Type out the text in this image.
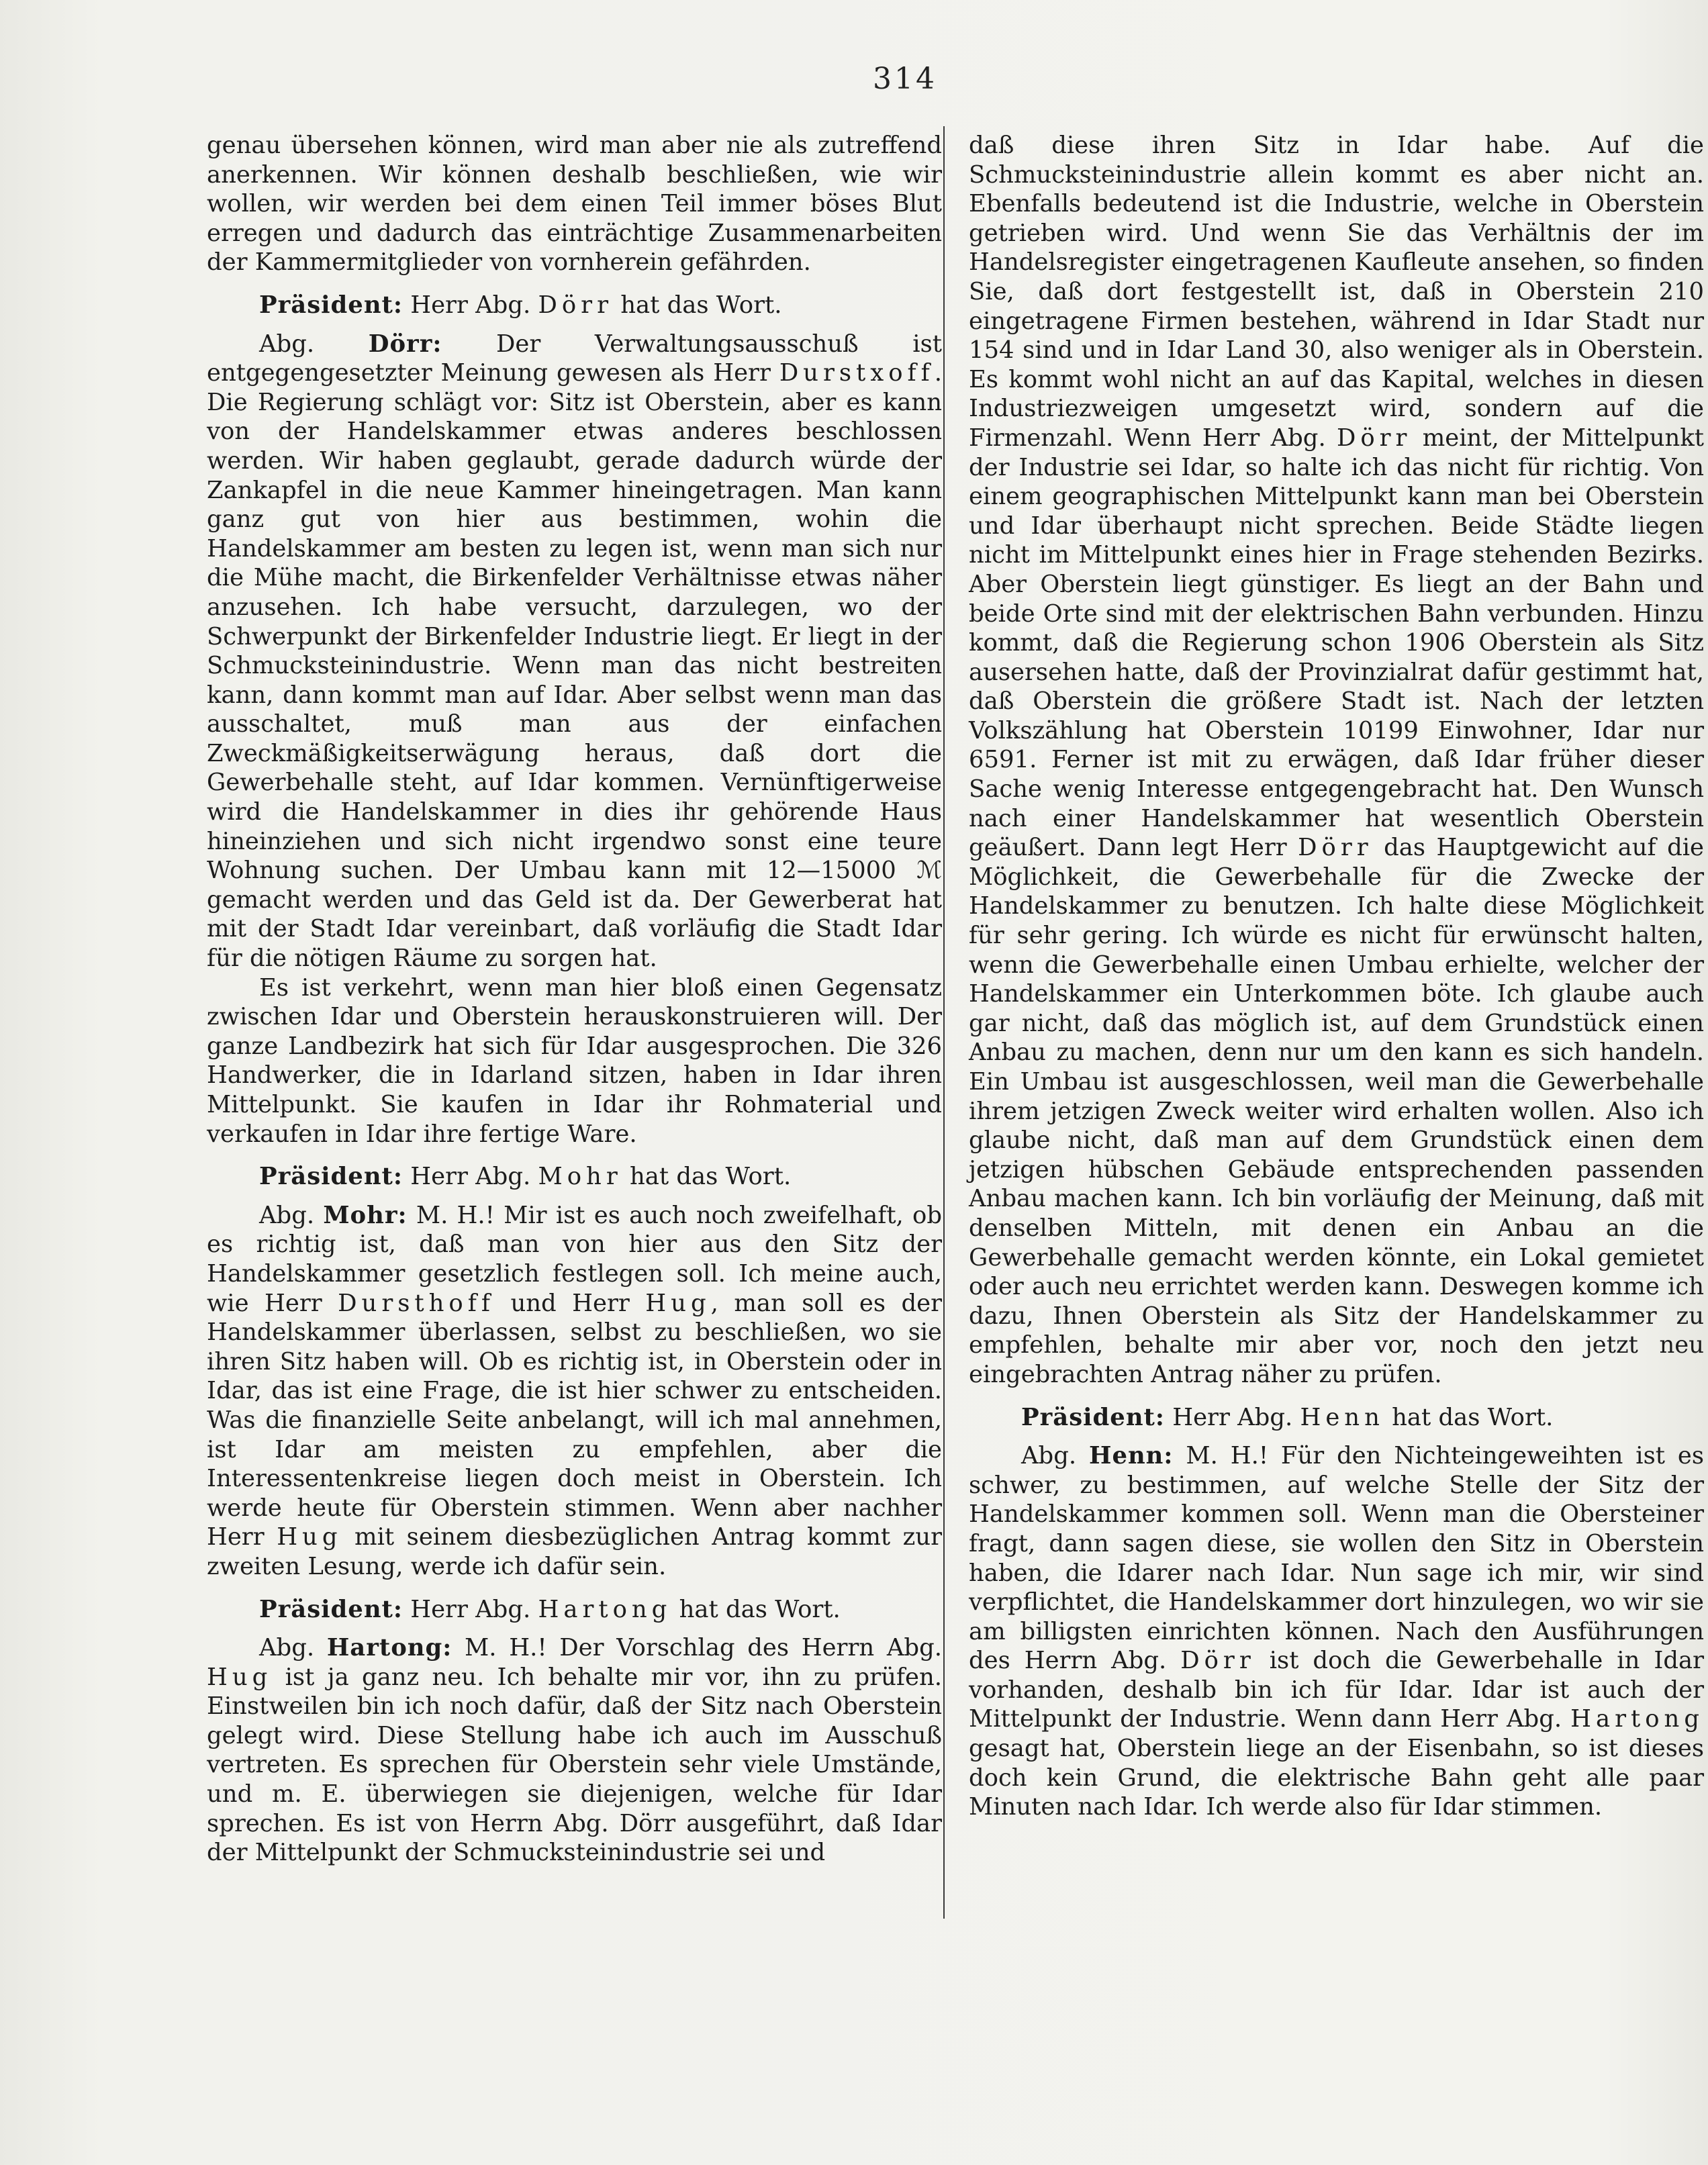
314

genau übersehen können, wird man aber nie als zutreffend anerkennen. Wir können deshalb beschließen, wie wir wollen, wir werden bei dem einen Teil immer böses Blut erregen und dadurch das einträchtige Zusammenarbeiten der Kammermitglieder von vornherein gefährden.

Präsident: Herr Abg. Dörr hat das Wort.

Abg. Dörr: Der Verwaltungsausschuß ist entgegengesetzter Meinung gewesen als Herr Durstхoff. Die Regierung schlägt vor: Sitz ist Oberstein, aber es kann von der Handelskammer etwas anderes beschlossen werden. Wir haben geglaubt, gerade dadurch würde der Zankapfel in die neue Kammer hineingetragen. Man kann ganz gut von hier aus bestimmen, wohin die Handelskammer am besten zu legen ist, wenn man sich nur die Mühe macht, die Birkenfelder Verhältnisse etwas näher anzusehen. Ich habe versucht, darzulegen, wo der Schwerpunkt der Birkenfelder Industrie liegt. Er liegt in der Schmucksteinindustrie. Wenn man das nicht bestreiten kann, dann kommt man auf Idar. Aber selbst wenn man das ausschaltet, muß man aus der einfachen Zweckmäßigkeitserwägung heraus, daß dort die Gewerbehalle steht, auf Idar kommen. Vernünftigerweise wird die Handelskammer in dies ihr gehörende Haus hineinziehen und sich nicht irgendwo sonst eine teure Wohnung suchen. Der Umbau kann mit 12—15000 ℳ gemacht werden und das Geld ist da. Der Gewerberat hat mit der Stadt Idar vereinbart, daß vorläufig die Stadt Idar für die nötigen Räume zu sorgen hat.

Es ist verkehrt, wenn man hier bloß einen Gegensatz zwischen Idar und Oberstein herauskonstruieren will. Der ganze Landbezirk hat sich für Idar ausgesprochen. Die 326 Handwerker, die in Idarland sitzen, haben in Idar ihren Mittelpunkt. Sie kaufen in Idar ihr Rohmaterial und verkaufen in Idar ihre fertige Ware.

Präsident: Herr Abg. Mohr hat das Wort.

Abg. Mohr: M. H.! Mir ist es auch noch zweifelhaft, ob es richtig ist, daß man von hier aus den Sitz der Handelskammer gesetzlich festlegen soll. Ich meine auch, wie Herr Dursthoff und Herr Hug, man soll es der Handelskammer überlassen, selbst zu beschließen, wo sie ihren Sitz haben will. Ob es richtig ist, in Oberstein oder in Idar, das ist eine Frage, die ist hier schwer zu entscheiden. Was die finanzielle Seite anbelangt, will ich mal annehmen, ist Idar am meisten zu empfehlen, aber die Interessentenkreise liegen doch meist in Oberstein. Ich werde heute für Oberstein stimmen. Wenn aber nachher Herr Hug mit seinem diesbezüglichen Antrag kommt zur zweiten Lesung, werde ich dafür sein.

Präsident: Herr Abg. Hartong hat das Wort.

Abg. Hartong: M. H.! Der Vorschlag des Herrn Abg. Hug ist ja ganz neu. Ich behalte mir vor, ihn zu prüfen. Einstweilen bin ich noch dafür, daß der Sitz nach Oberstein gelegt wird. Diese Stellung habe ich auch im Ausschuß vertreten. Es sprechen für Oberstein sehr viele Umstände, und m. E. überwiegen sie diejenigen, welche für Idar sprechen. Es ist von Herrn Abg. Dörr ausgeführt, daß Idar der Mittelpunkt der Schmucksteinindustrie sei und

daß diese ihren Sitz in Idar habe. Auf die Schmucksteinindustrie allein kommt es aber nicht an. Ebenfalls bedeutend ist die Industrie, welche in Oberstein getrieben wird. Und wenn Sie das Verhältnis der im Handelsregister eingetragenen Kaufleute ansehen, so finden Sie, daß dort festgestellt ist, daß in Oberstein 210 eingetragene Firmen bestehen, während in Idar Stadt nur 154 sind und in Idar Land 30, also weniger als in Oberstein. Es kommt wohl nicht an auf das Kapital, welches in diesen Industriezweigen umgesetzt wird, sondern auf die Firmenzahl. Wenn Herr Abg. Dörr meint, der Mittelpunkt der Industrie sei Idar, so halte ich das nicht für richtig. Von einem geographischen Mittelpunkt kann man bei Oberstein und Idar überhaupt nicht sprechen. Beide Städte liegen nicht im Mittelpunkt eines hier in Frage stehenden Bezirks. Aber Oberstein liegt günstiger. Es liegt an der Bahn und beide Orte sind mit der elektrischen Bahn verbunden. Hinzu kommt, daß die Regierung schon 1906 Oberstein als Sitz ausersehen hatte, daß der Provinzialrat dafür gestimmt hat, daß Oberstein die größere Stadt ist. Nach der letzten Volkszählung hat Oberstein 10199 Einwohner, Idar nur 6591. Ferner ist mit zu erwägen, daß Idar früher dieser Sache wenig Interesse entgegengebracht hat. Den Wunsch nach einer Handelskammer hat wesentlich Oberstein geäußert. Dann legt Herr Dörr das Hauptgewicht auf die Möglichkeit, die Gewerbehalle für die Zwecke der Handelskammer zu benutzen. Ich halte diese Möglichkeit für sehr gering. Ich würde es nicht für erwünscht halten, wenn die Gewerbehalle einen Umbau erhielte, welcher der Handelskammer ein Unterkommen böte. Ich glaube auch gar nicht, daß das möglich ist, auf dem Grundstück einen Anbau zu machen, denn nur um den kann es sich handeln. Ein Umbau ist ausgeschlossen, weil man die Gewerbehalle ihrem jetzigen Zweck weiter wird erhalten wollen. Also ich glaube nicht, daß man auf dem Grundstück einen dem jetzigen hübschen Gebäude entsprechenden passenden Anbau machen kann. Ich bin vorläufig der Meinung, daß mit denselben Mitteln, mit denen ein Anbau an die Gewerbehalle gemacht werden könnte, ein Lokal gemietet oder auch neu errichtet werden kann. Deswegen komme ich dazu, Ihnen Oberstein als Sitz der Handelskammer zu empfehlen, behalte mir aber vor, noch den jetzt neu eingebrachten Antrag näher zu prüfen.

Präsident: Herr Abg. Henn hat das Wort.

Abg. Henn: M. H.! Für den Nichteingeweihten ist es schwer, zu bestimmen, auf welche Stelle der Sitz der Handelskammer kommen soll. Wenn man die Obersteiner fragt, dann sagen diese, sie wollen den Sitz in Oberstein haben, die Idarer nach Idar. Nun sage ich mir, wir sind verpflichtet, die Handelskammer dort hinzulegen, wo wir sie am billigsten einrichten können. Nach den Ausführungen des Herrn Abg. Dörr ist doch die Gewerbehalle in Idar vorhanden, deshalb bin ich für Idar. Idar ist auch der Mittelpunkt der Industrie. Wenn dann Herr Abg. Hartong gesagt hat, Oberstein liege an der Eisenbahn, so ist dieses doch kein Grund, die elektrische Bahn geht alle paar Minuten nach Idar. Ich werde also für Idar stimmen.
